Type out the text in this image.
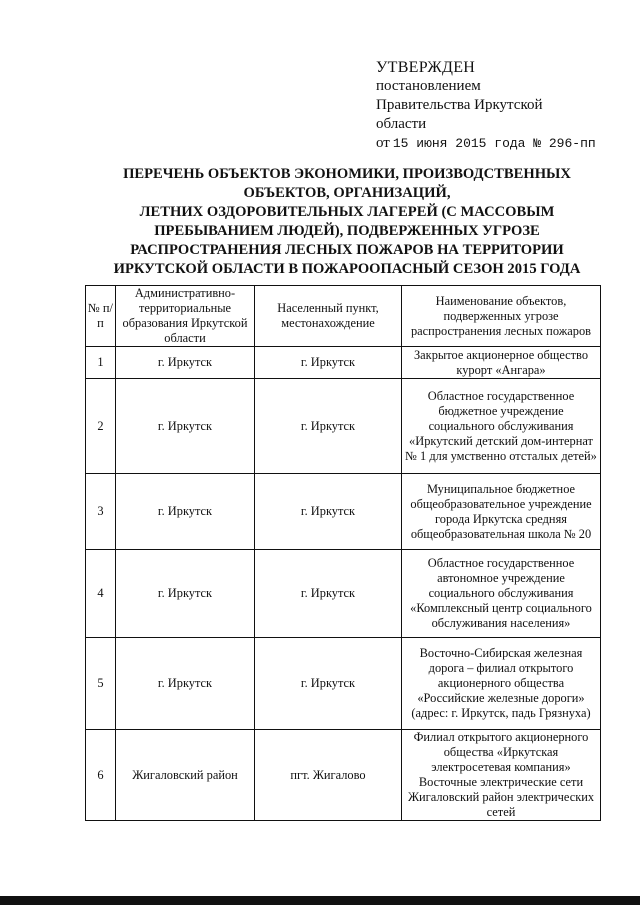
УТВЕРЖДЕН
постановлением
Правительства Иркутской
области
от 15 июня 2015 года № 296-пп
ПЕРЕЧЕНЬ ОБЪЕКТОВ ЭКОНОМИКИ, ПРОИЗВОДСТВЕННЫХ
ОБЪЕКТОВ, ОРГАНИЗАЦИЙ,
ЛЕТНИХ ОЗДОРОВИТЕЛЬНЫХ ЛАГЕРЕЙ (С МАССОВЫМ
ПРЕБЫВАНИЕМ ЛЮДЕЙ), ПОДВЕРЖЕННЫХ УГРОЗЕ
РАСПРОСТРАНЕНИЯ ЛЕСНЫХ ПОЖАРОВ НА ТЕРРИТОРИИ
ИРКУТСКОЙ ОБЛАСТИ В ПОЖАРООПАСНЫЙ СЕЗОН 2015 ГОДА
№ п/п	Административно-территориальные образования Иркутской области	Населенный пункт, местонахождение	Наименование объектов, подверженных угрозе распространения лесных пожаров
1	г. Иркутск	г. Иркутск	Закрытое акционерное общество курорт «Ангара»
2	г. Иркутск	г. Иркутск	Областное государственное бюджетное учреждение социального обслуживания «Иркутский детский дом-интернат № 1 для умственно отсталых детей»
3	г. Иркутск	г. Иркутск	Муниципальное бюджетное общеобразовательное учреждение города Иркутска средняя общеобразовательная школа № 20
4	г. Иркутск	г. Иркутск	Областное государственное автономное учреждение социального обслуживания «Комплексный центр социального обслуживания населения»
5	г. Иркутск	г. Иркутск	Восточно-Сибирская железная дорога – филиал открытого акционерного общества «Российские железные дороги» (адрес: г. Иркутск, падь Грязнуха)
6	Жигаловский район	пгт. Жигалово	Филиал открытого акционерного общества «Иркутская электросетевая компания» Восточные электрические сети Жигаловский район электрических сетей
